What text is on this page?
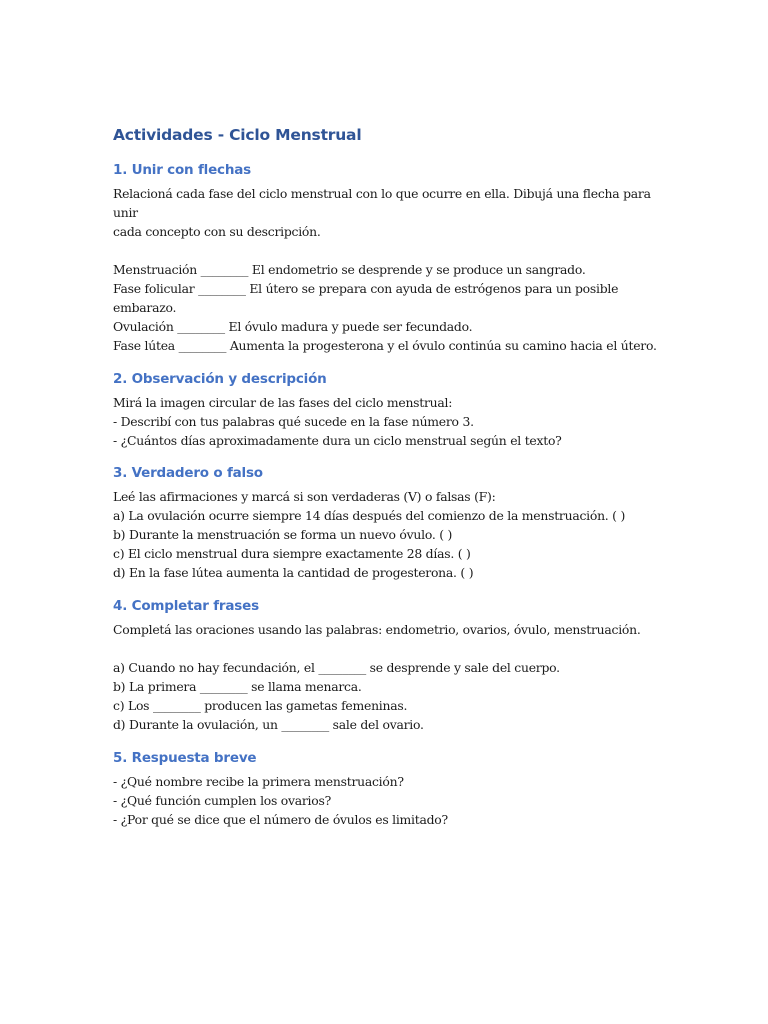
Actividades - Ciclo Menstrual
1. Unir con flechas

Relacioná cada fase del ciclo menstrual con lo que ocurre en ella. Dibujá una flecha para unir

cada concepto con su descripción.

Menstruación ________ El endometrio se desprende y se produce un sangrado.

Fase folicular ________ El útero se prepara con ayuda de estrógenos para un posible

embarazo.

Ovulación ________ El óvulo madura y puede ser fecundado.

Fase lútea ________ Aumenta la progesterona y el óvulo continúa su camino hacia el útero.

2. Observación y descripción

Mirá la imagen circular de las fases del ciclo menstrual:

- Describí con tus palabras qué sucede en la fase número 3.

- ¿Cuántos días aproximadamente dura un ciclo menstrual según el texto?

3. Verdadero o falso

Leé las afirmaciones y marcá si son verdaderas (V) o falsas (F):

a) La ovulación ocurre siempre 14 días después del comienzo de la menstruación. ( )

b) Durante la menstruación se forma un nuevo óvulo. ( )

c) El ciclo menstrual dura siempre exactamente 28 días. ( )

d) En la fase lútea aumenta la cantidad de progesterona. ( )

4. Completar frases

Completá las oraciones usando las palabras: endometrio, ovarios, óvulo, menstruación.

a) Cuando no hay fecundación, el ________ se desprende y sale del cuerpo.

b) La primera ________ se llama menarca.

c) Los ________ producen las gametas femeninas.

d) Durante la ovulación, un ________ sale del ovario.

5. Respuesta breve

- ¿Qué nombre recibe la primera menstruación?

- ¿Qué función cumplen los ovarios?

- ¿Por qué se dice que el número de óvulos es limitado?
